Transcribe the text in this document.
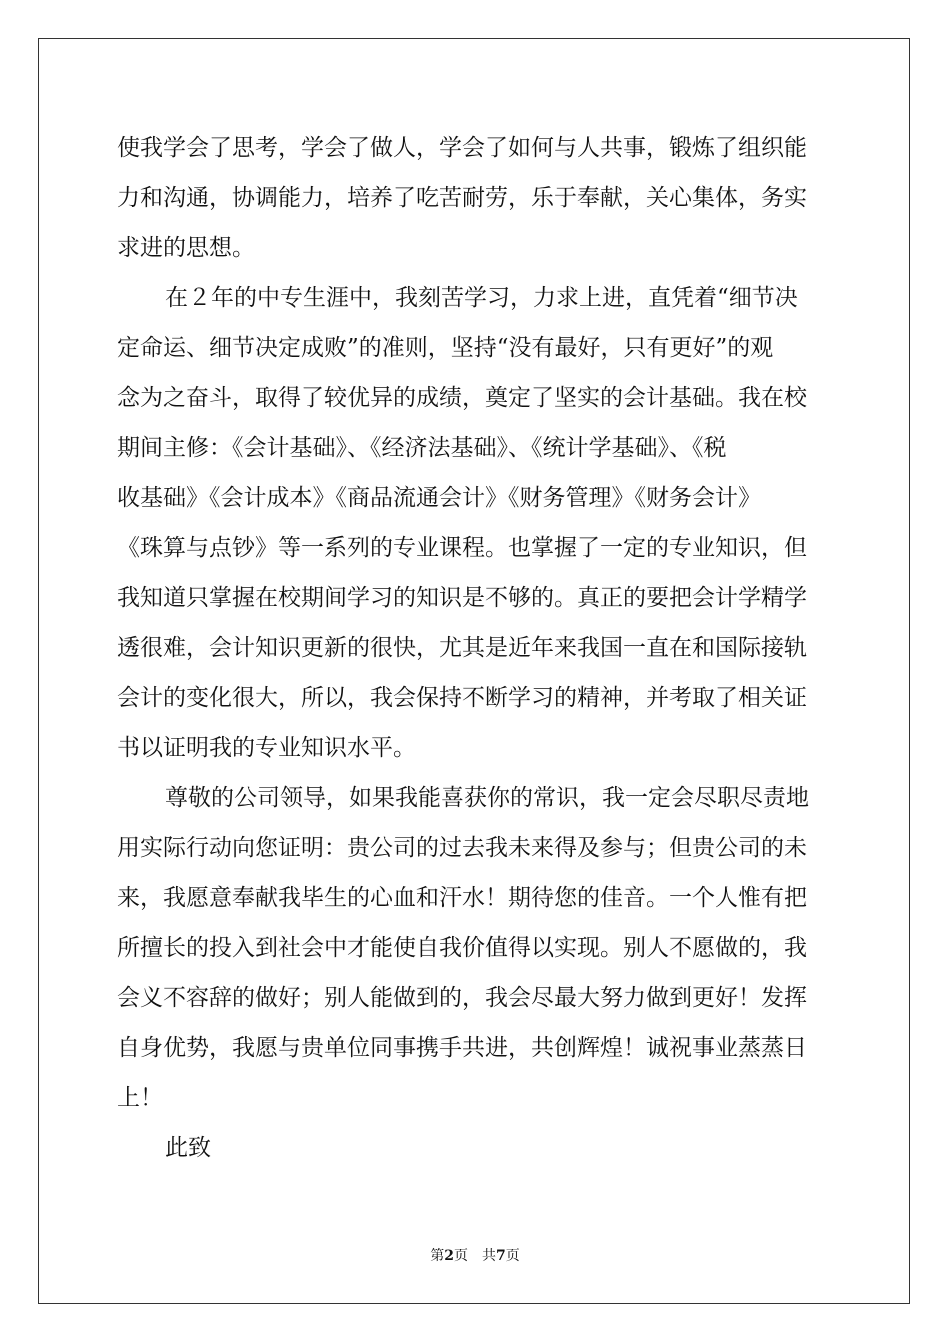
使我学会了思考，学会了做人，学会了如何与人共事，锻炼了组织能
力和沟通，协调能力，培养了吃苦耐劳，乐于奉献，关心集体，务实
求进的思想。
在２年的中专生涯中，我刻苦学习，力求上进，直凭着“细节决
定命运、细节决定成败”的准则，坚持“没有最好，只有更好”的观
念为之奋斗，取得了较优异的成绩，奠定了坚实的会计基础。我在校
期间主修：《会计基础》、《经济法基础》、《统计学基础》、《税
收基础》《会计成本》《商品流通会计》《财务管理》《财务会计》
《珠算与点钞》等一系列的专业课程。也掌握了一定的专业知识，但
我知道只掌握在校期间学习的知识是不够的。真正的要把会计学精学
透很难，会计知识更新的很快，尤其是近年来我国一直在和国际接轨
会计的变化很大，所以，我会保持不断学习的精神，并考取了相关证
书以证明我的专业知识水平。
尊敬的公司领导，如果我能喜获你的常识，我一定会尽职尽责地
用实际行动向您证明：贵公司的过去我未来得及参与；但贵公司的未
来，我愿意奉献我毕生的心血和汗水！期待您的佳音。一个人惟有把
所擅长的投入到社会中才能使自我价值得以实现。别人不愿做的，我
会义不容辞的做好；别人能做到的，我会尽最大努力做到更好！发挥
自身优势，我愿与贵单位同事携手共进，共创辉煌！诚祝事业蒸蒸日
上！
此致
第2页　共7页
